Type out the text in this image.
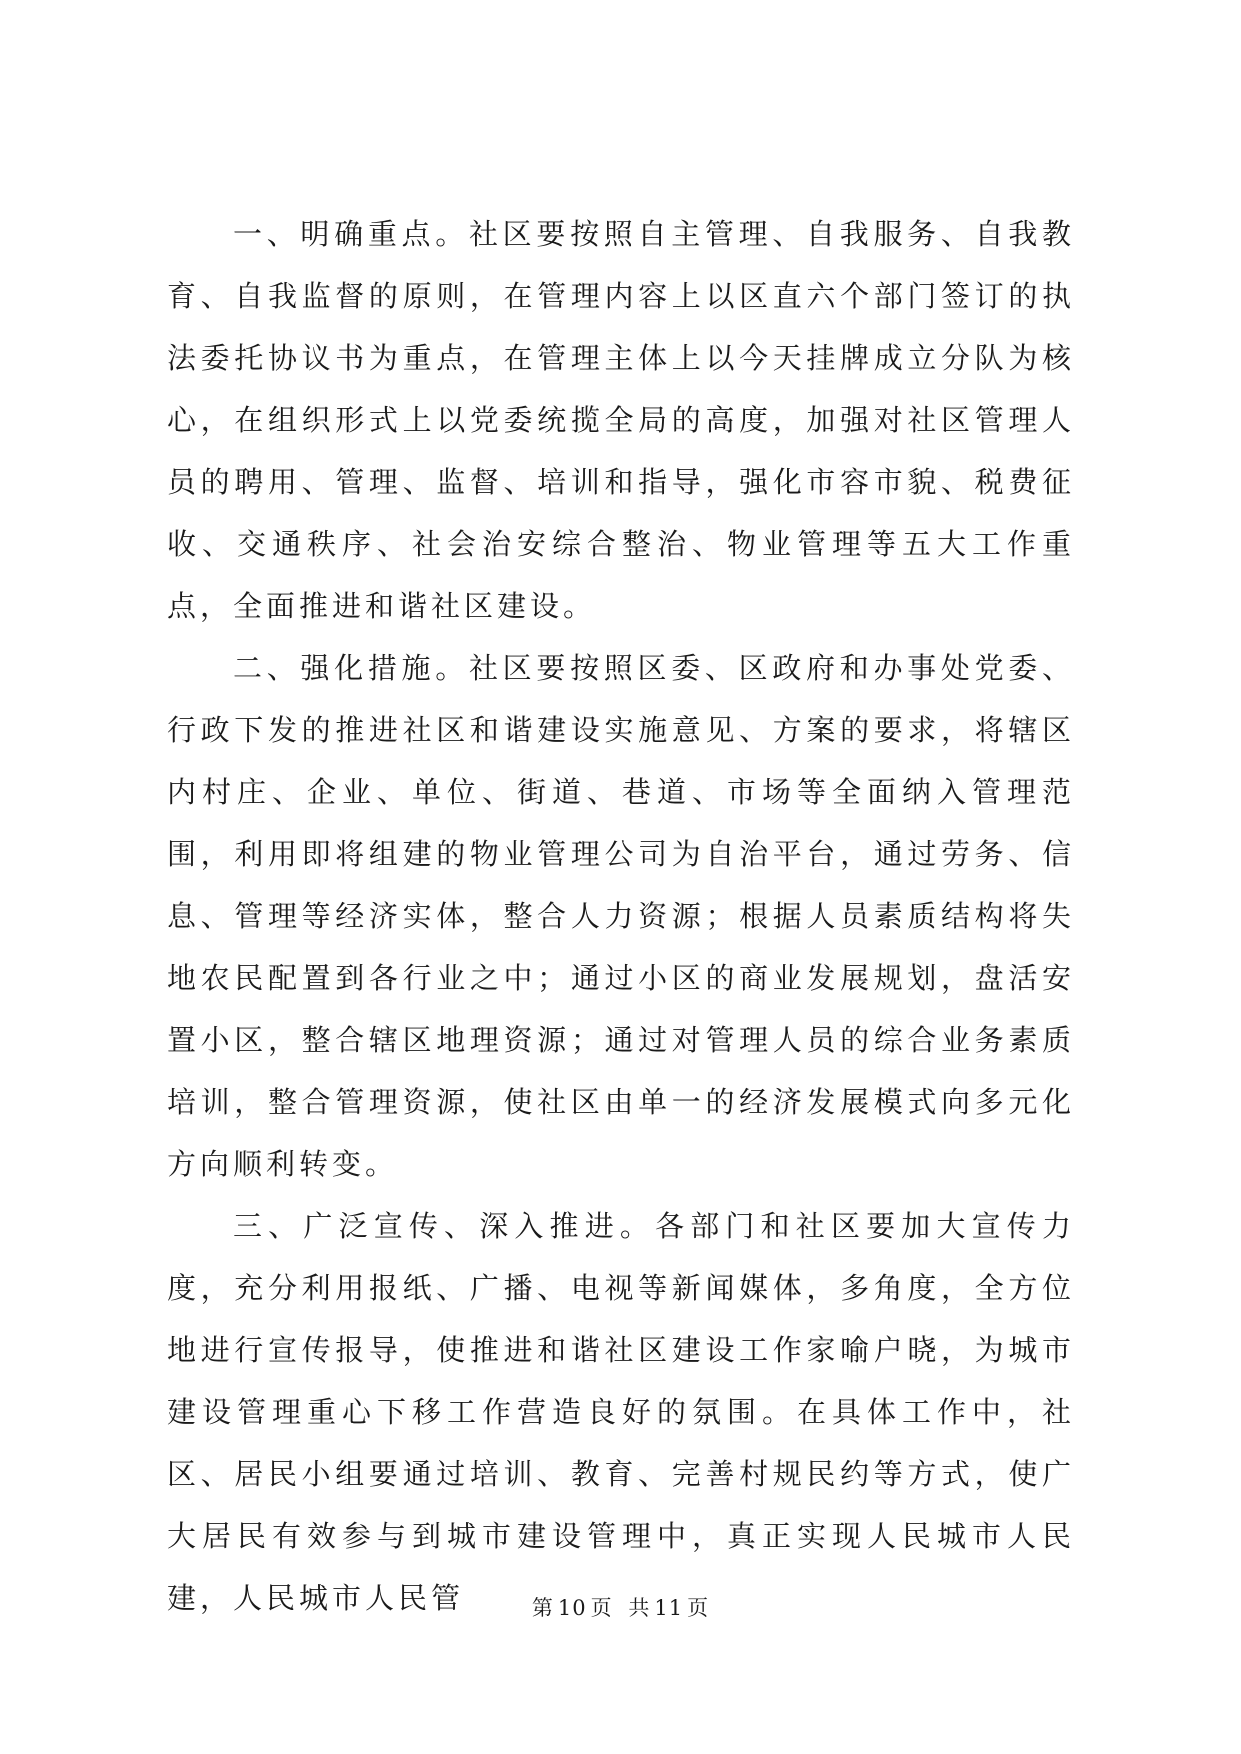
一、明确重点。社区要按照自主管理、自我服务、自我教育、自我监督的原则，在管理内容上以区直六个部门签订的执法委托协议书为重点，在管理主体上以今天挂牌成立分队为核心，在组织形式上以党委统揽全局的高度，加强对社区管理人员的聘用、管理、监督、培训和指导，强化市容市貌、税费征收、交通秩序、社会治安综合整治、物业管理等五大工作重点，全面推进和谐社区建设。

二、强化措施。社区要按照区委、区政府和办事处党委、行政下发的推进社区和谐建设实施意见、方案的要求，将辖区内村庄、企业、单位、街道、巷道、市场等全面纳入管理范围，利用即将组建的物业管理公司为自治平台，通过劳务、信息、管理等经济实体，整合人力资源；根据人员素质结构将失地农民配置到各行业之中；通过小区的商业发展规划，盘活安置小区，整合辖区地理资源；通过对管理人员的综合业务素质培训，整合管理资源，使社区由单一的经济发展模式向多元化方向顺利转变。

三、广泛宣传、深入推进。各部门和社区要加大宣传力度，充分利用报纸、广播、电视等新闻媒体，多角度，全方位地进行宣传报导，使推进和谐社区建设工作家喻户晓，为城市建设管理重心下移工作营造良好的氛围。在具体工作中，社区、居民小组要通过培训、教育、完善村规民约等方式，使广大居民有效参与到城市建设管理中，真正实现人民城市人民建，人民城市人民管	第 10 页 共 11 页
